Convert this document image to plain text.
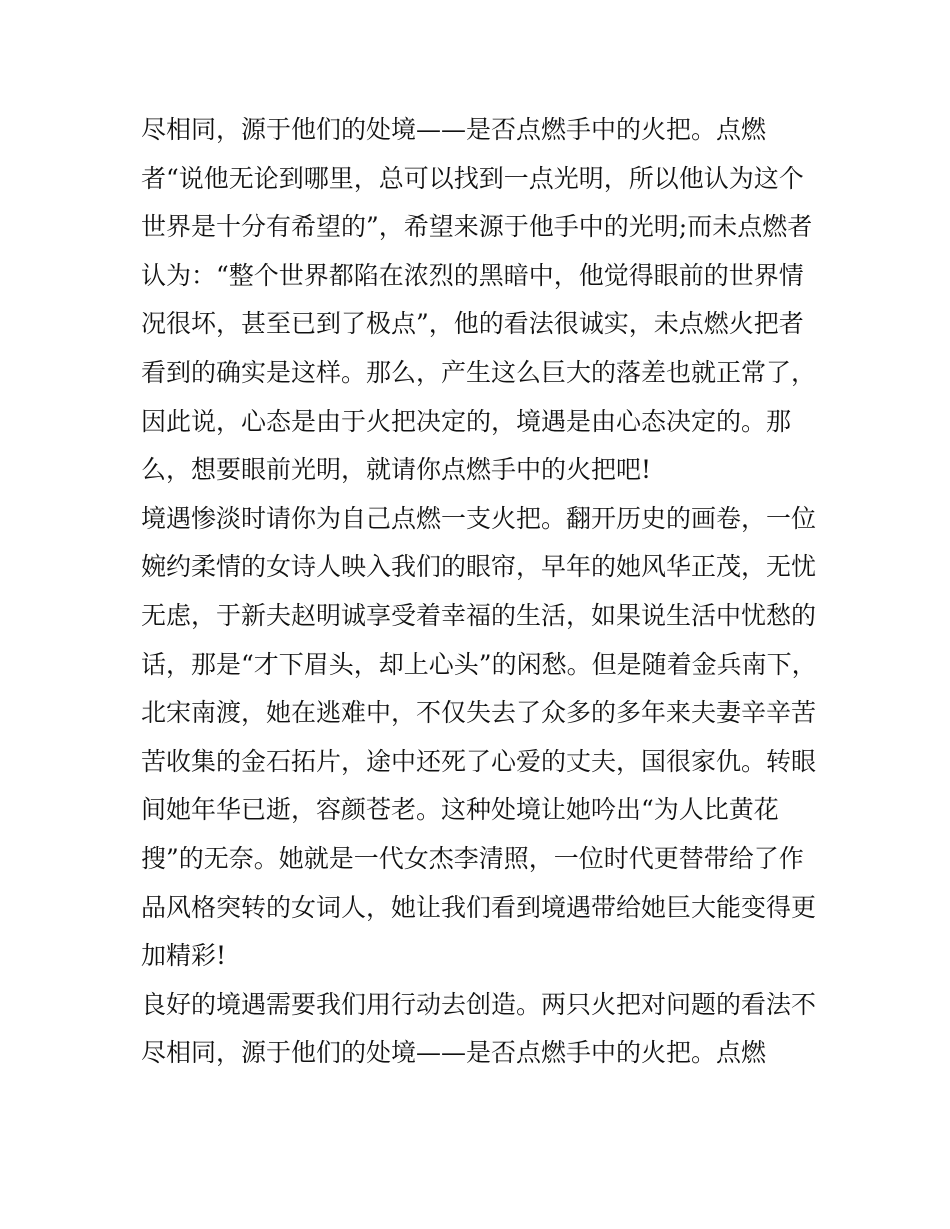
尽相同，源于他们的处境——是否点燃手中的火把。点燃
者“说他无论到哪里，总可以找到一点光明，所以他认为这个
世界是十分有希望的”，希望来源于他手中的光明;而未点燃者
认为：“整个世界都陷在浓烈的黑暗中，他觉得眼前的世界情
况很坏，甚至已到了极点”，他的看法很诚实，未点燃火把者
看到的确实是这样。那么，产生这么巨大的落差也就正常了，
因此说，心态是由于火把决定的，境遇是由心态决定的。那
么，想要眼前光明，就请你点燃手中的火把吧!
境遇惨淡时请你为自己点燃一支火把。翻开历史的画卷，一位
婉约柔情的女诗人映入我们的眼帘，早年的她风华正茂，无忧
无虑，于新夫赵明诚享受着幸福的生活，如果说生活中忧愁的
话，那是“才下眉头，却上心头”的闲愁。但是随着金兵南下，
北宋南渡，她在逃难中，不仅失去了众多的多年来夫妻辛辛苦
苦收集的金石拓片，途中还死了心爱的丈夫，国很家仇。转眼
间她年华已逝，容颜苍老。这种处境让她吟出“为人比黄花
搜”的无奈。她就是一代女杰李清照，一位时代更替带给了作
品风格突转的女词人，她让我们看到境遇带给她巨大能变得更
加精彩!
良好的境遇需要我们用行动去创造。两只火把对问题的看法不
尽相同，源于他们的处境——是否点燃手中的火把。点燃
